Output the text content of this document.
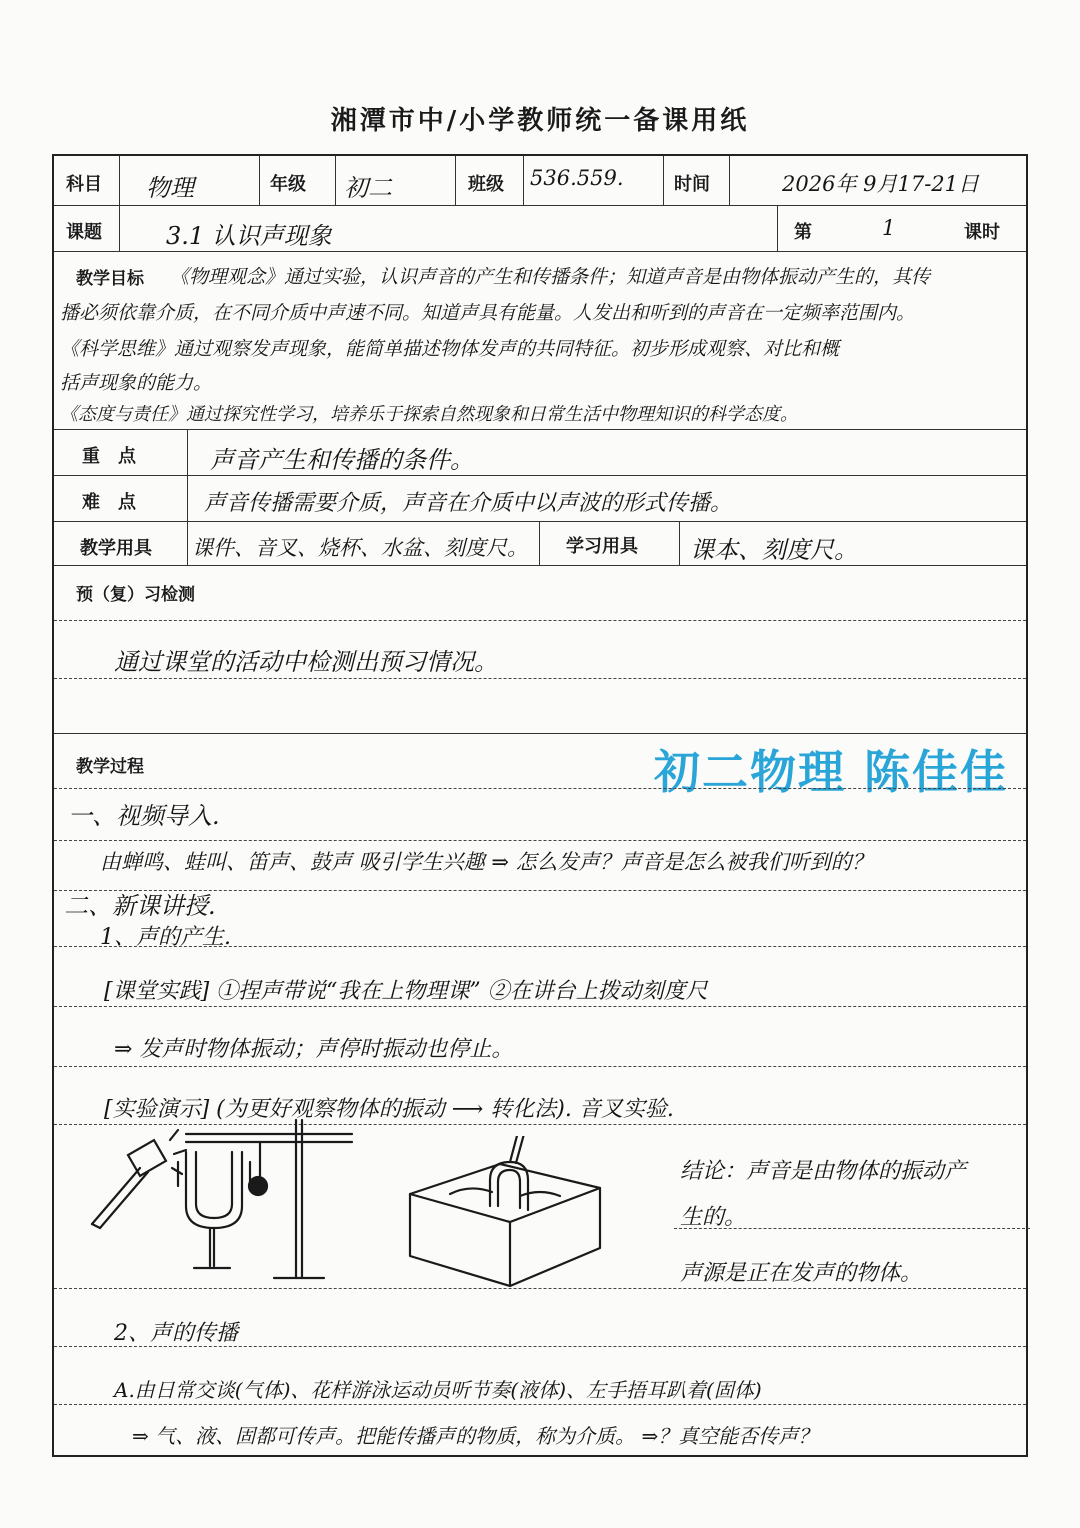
湘潭市中/小学教师统一备课用纸
科目 物理	年级 初二	班级 536.559.	时间	2026年 9月17-21日
课题	3.1 认识声现象	第	1	课时
教学目标 《物理观念》通过实验，认识声音的产生和传播条件；知道声音是由物体振动产生的，其传
播必须依靠介质，在不同介质中声速不同。知道声具有能量。人发出和听到的声音在一定频率范围内。
《科学思维》通过观察发声现象，能简单描述物体发声的共同特征。初步形成观察、对比和概
括声现象的能力。
《态度与责任》通过探究性学习，培养乐于探索自然现象和日常生活中物理知识的科学态度。
重　点	声音产生和传播的条件。
难　点	声音传播需要介质，声音在介质中以声波的形式传播。
教学用具 课件、音叉、烧杯、水盆、刻度尺。 学习用具 课本、刻度尺。
预（复）习检测
通过课堂的活动中检测出预习情况。
教学过程	初二物理 陈佳佳
一、视频导入.
由蝉鸣、蛙叫、笛声、鼓声 吸引学生兴趣 ⇒ 怎么发声？声音是怎么被我们听到的？
二、新课讲授.
1、声的产生.
[课堂实践] ①捏声带说“我在上物理课” ②在讲台上拨动刻度尺
⇒ 发声时物体振动；声停时振动也停止。
[实验演示] (为更好观察物体的振动 ⟶ 转化法). 音叉实验.
结论：声音是由物体的振动产
生的。
声源是正在发声的物体。
2、声的传播
A.由日常交谈(气体)、花样游泳运动员听节奏(液体)、左手捂耳趴着(固体)
⇒ 气、液、固都可传声。把能传播声的物质，称为介质。 ⇒？真空能否传声？
